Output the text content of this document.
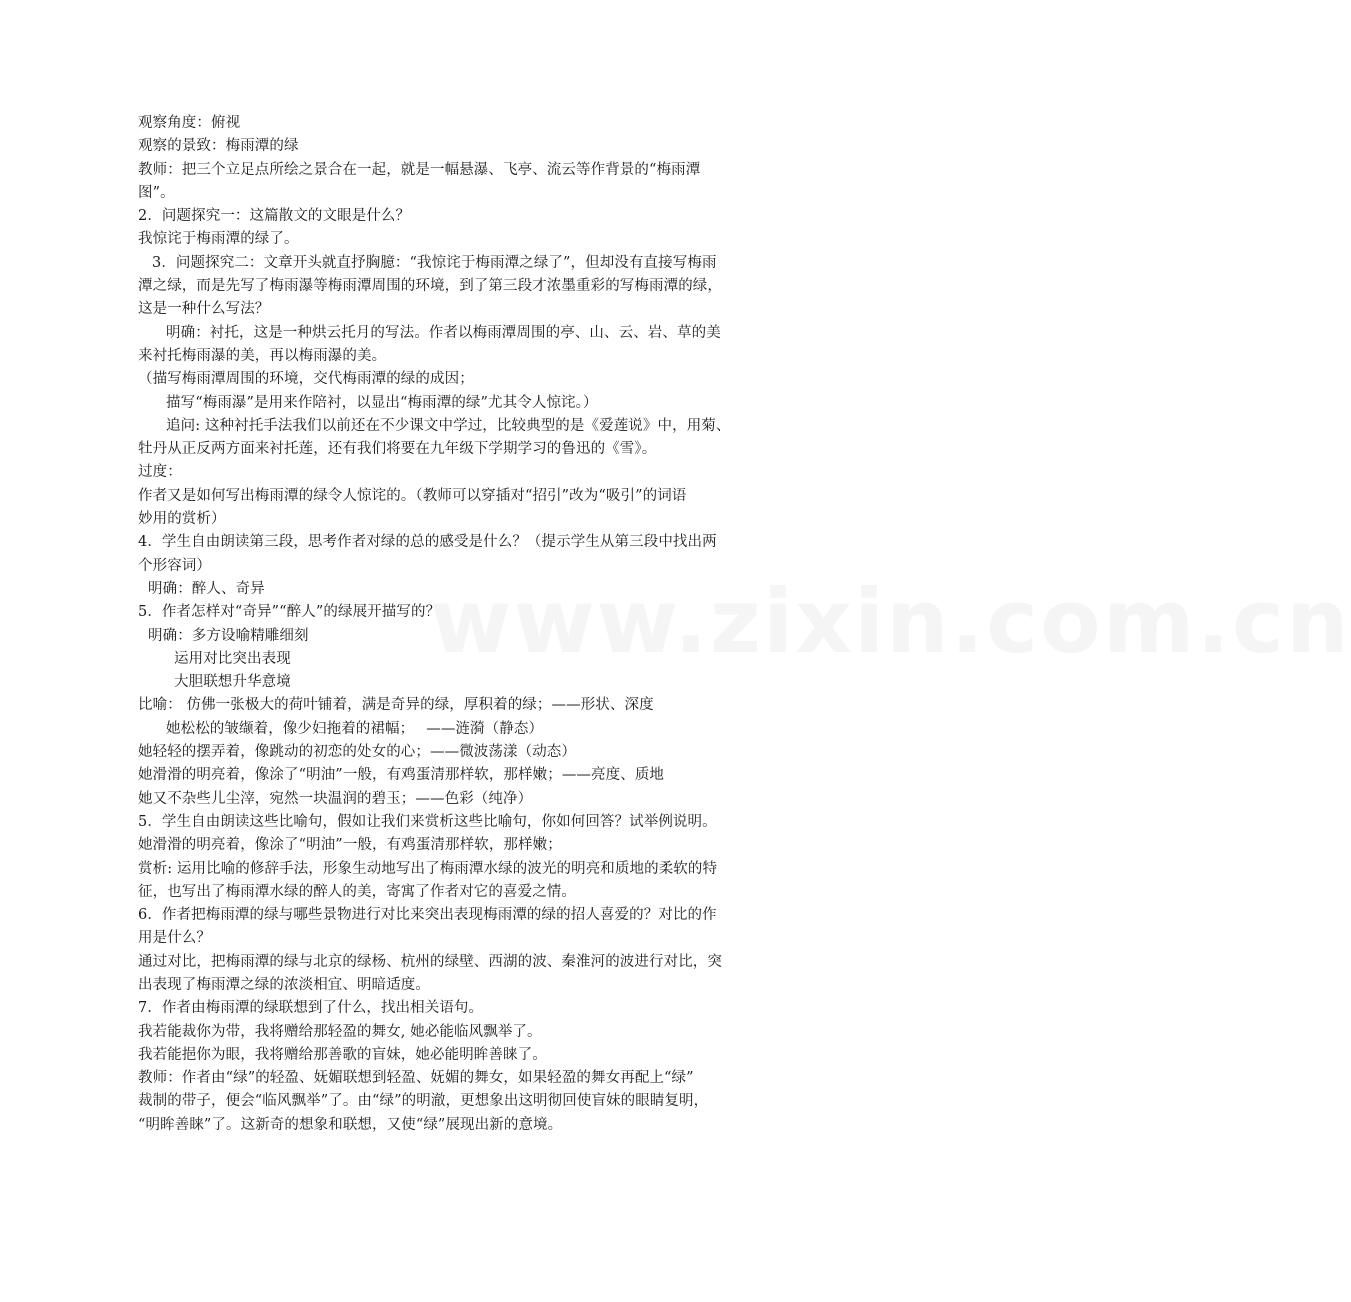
www.zixin.com.cn
观察角度：俯视
观察的景致：梅雨潭的绿
教师：把三个立足点所绘之景合在一起，就是一幅悬瀑、飞亭、流云等作背景的“梅雨潭
图”。
2．问题探究一：这篇散文的文眼是什么？
我惊诧于梅雨潭的绿了。
3．问题探究二：文章开头就直抒胸臆：“我惊诧于梅雨潭之绿了”，但却没有直接写梅雨
潭之绿，而是先写了梅雨瀑等梅雨潭周围的环境，到了第三段才浓墨重彩的写梅雨潭的绿，
这是一种什么写法？
明确：衬托，这是一种烘云托月的写法。作者以梅雨潭周围的亭、山、云、岩、草的美
来衬托梅雨瀑的美，再以梅雨瀑的美。
（描写梅雨潭周围的环境，交代梅雨潭的绿的成因；
描写“梅雨瀑”是用来作陪衬，以显出“梅雨潭的绿”尤其令人惊诧。）
追问: 这种衬托手法我们以前还在不少课文中学过，比较典型的是《爱莲说》中，用菊、
牡丹从正反两方面来衬托莲，还有我们将要在九年级下学期学习的鲁迅的《雪》。
过度：
作者又是如何写出梅雨潭的绿令人惊诧的。（教师可以穿插对“招引”改为“吸引”的词语
妙用的赏析）
4．学生自由朗读第三段，思考作者对绿的总的感受是什么？（提示学生从第三段中找出两
个形容词）
明确：醉人、奇异
5．作者怎样对“奇异”“醉人”的绿展开描写的？
明确：多方设喻精雕细刻
运用对比突出表现
大胆联想升华意境
比喻： 仿佛一张极大的荷叶铺着，满是奇异的绿，厚积着的绿；——形状、深度
她松松的皱缬着，像少妇拖着的裙幅；　 ——涟漪（静态）
她轻轻的摆弄着，像跳动的初恋的处女的心；——微波荡漾（动态）
她滑滑的明亮着，像涂了“明油”一般，有鸡蛋清那样软，那样嫩；——亮度、质地
她又不杂些儿尘滓，宛然一块温润的碧玉；——色彩（纯净）
5．学生自由朗读这些比喻句，假如让我们来赏析这些比喻句，你如何回答？试举例说明。
她滑滑的明亮着，像涂了“明油”一般，有鸡蛋清那样软，那样嫩；
赏析: 运用比喻的修辞手法，形象生动地写出了梅雨潭水绿的波光的明亮和质地的柔软的特
征，也写出了梅雨潭水绿的醉人的美，寄寓了作者对它的喜爱之情。
6．作者把梅雨潭的绿与哪些景物进行对比来突出表现梅雨潭的绿的招人喜爱的？对比的作
用是什么？
通过对比，把梅雨潭的绿与北京的绿杨、杭州的绿壁、西湖的波、秦淮河的波进行对比，突
出表现了梅雨潭之绿的浓淡相宜、明暗适度。
7．作者由梅雨潭的绿联想到了什么，找出相关语句。
我若能裁你为带，我将赠给那轻盈的舞女, 她必能临风飘举了。
我若能挹你为眼，我将赠给那善歌的盲妹，她必能明眸善睐了。
教师：作者由“绿”的轻盈、妩媚联想到轻盈、妩媚的舞女，如果轻盈的舞女再配上“绿”
裁制的带子，便会“临风飘举”了。由“绿”的明澈，更想象出这明彻回使盲妹的眼睛复明，
“明眸善睐”了。这新奇的想象和联想，又使“绿”展现出新的意境。
